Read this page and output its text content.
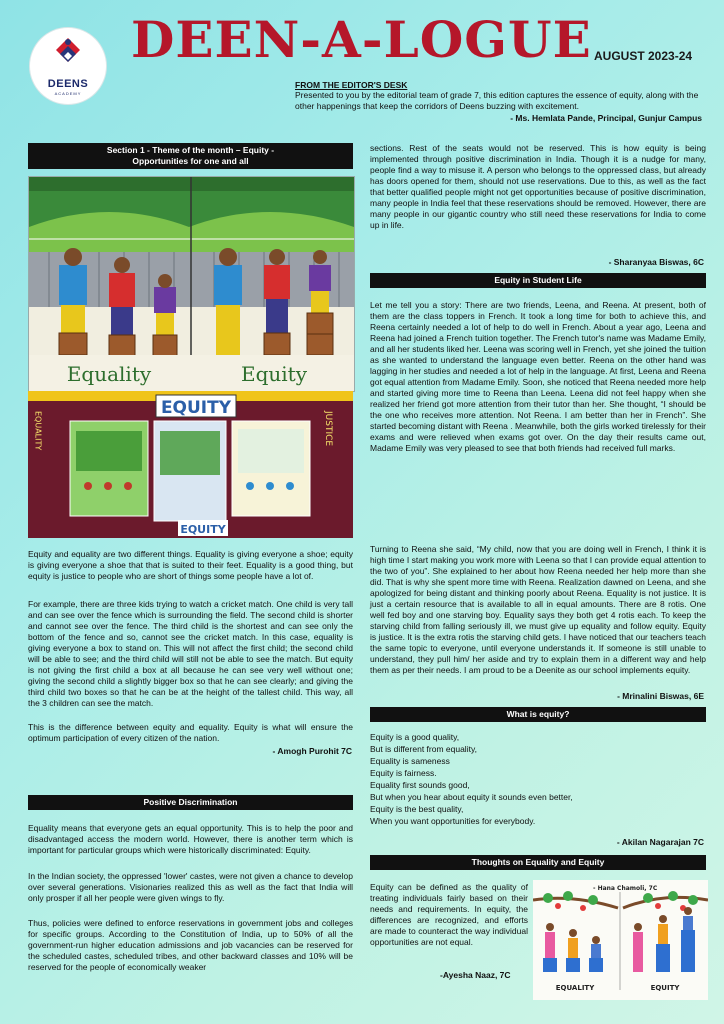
DEENS
ACADEMY
DEEN-A-LOGUE AUGUST 2023-24
FROM THE EDITOR'S DESK
Presented to you by the editorial team of grade 7, this edition captures the essence of equity, along with the other happenings that keep the corridors of Deens buzzing with excitement.
- Ms. Hemlata Pande, Principal, Gunjur Campus
Section 1 - Theme of the month – Equity -
Opportunities for one and all
Equality	Equity
EQUITY
EQUALITY	JUSTICE
EQUITY
Equity and equality are two different things. Equality is giving everyone a shoe; equity is giving everyone a shoe that that is suited to their feet. Equality is a good thing, but equity is justice to people who are short of things some people have a lot of.
For example, there are three kids trying to watch a cricket match. One child is very tall and can see over the fence which is surrounding the field. The second child is shorter and cannot see over the fence. The third child is the shortest and can see only the bottom of the fence and so, cannot see the cricket match. In this case, equality is giving everyone a box to stand on. This will not affect the first child; the second child will be able to see; and the third child will still not be able to see the match. But equity is not giving the first child a box at all because he can see very well without one; giving the second child a slightly bigger box so that he can see clearly; and giving the third child two boxes so that he can be at the height of the tallest child. This way, all the 3 children can see the match.
This is the difference between equity and equality. Equity is what will ensure the optimum participation of every citizen of the nation.
- Amogh Purohit 7C
Positive Discrimination
Equality means that everyone gets an equal opportunity. This is to help the poor and disadvantaged access the modern world. However, there is another term which is important for particular groups which were historically discriminated: Equity.
In the Indian society, the oppressed 'lower' castes, were not given a chance to develop over several generations. Visionaries realized this as well as the fact that India will only prosper if all her people were given wings to fly.
Thus, policies were defined to enforce reservations in government jobs and colleges for specific groups. According to the Constitution of India, up to 50% of all the government-run higher education admissions and job vacancies can be reserved for the scheduled castes, scheduled tribes, and other backward classes and 10% will be reserved for the people of economically weaker
sections. Rest of the seats would not be reserved. This is how equity is being implemented through positive discrimination in India. Though it is a nudge for many, people find a way to misuse it. A person who belongs to the oppressed class, but already has doors opened for them, should not use reservations. Due to this, as well as the fact that better qualified people might not get opportunities because of positive discrimination, many people in India feel that these reservations should be removed. However, there are many people in our gigantic country who still need these reservations for India to come up in life.
- Sharanyaa Biswas, 6C
Equity in Student Life
Let me tell you a story: There are two friends, Leena, and Reena. At present, both of them are the class toppers in French. It took a long time for both to achieve this, and Reena certainly needed a lot of help to do well in French. About a year ago, Leena and Reena had joined a French tuition together. The French tutor's name was Madame Emily, and all her students liked her. Leena was scoring well in French, yet she joined the tuition as she wanted to understand the language even better. Reena on the other hand was lagging in her studies and needed a lot of help in the language. At first, Leena and Reena got equal attention from Madame Emily. Soon, she noticed that Reena needed more help and started giving more time to Reena than Leena. Leena did not feel happy when she realized her friend got more attention from their tutor than her. She thought, “I should be the one who receives more attention. Not Reena. I am better than her in French”. She started becoming distant with Reena . Meanwhile, both the girls worked tirelessly for their exams and were relieved when exams got over. On the day their results came out, Madame Emily was very pleased to see that both friends had received full marks.
Turning to Reena she said, “My child, now that you are doing well in French, I think it is high time I start making you work more with Leena so that I can provide equal attention to the two of you”. She explained to her about how Reena needed her help more than she did. That is why she spent more time with Reena. Realization dawned on Leena, and she apologized for being distant and thinking poorly about Reena. Equality is not justice. It is just a certain resource that is available to all in equal amounts. There are 8 rotis. One well fed boy and one starving boy. Equality says they both get 4 rotis each. To keep the starving child from falling seriously ill, we must give up equality and follow equity. Equity is justice. It is the extra rotis the starving child gets. I have noticed that our teachers teach the same topic to everyone, until everyone understands it. If someone is still unable to understand, they pull him/ her aside and try to explain them in a different way and help them as per their needs. I am proud to be a Deenite as our school implements equity.
- Mrinalini Biswas, 6E
What is equity?
Equity is a good quality,
But is different from equality,
Equality is sameness
Equity is fairness.
Equality first sounds good,
But when you hear about equity it sounds even better,
Equity is the best quality,
When you want opportunities for everybody.
- Akilan Nagarajan 7C
Thoughts on Equality and Equity
Equity can be defined as the quality of treating individuals fairly based on their needs and requirements. In equity, the differences are recognized, and efforts are made to counteract the way individual opportunities are not equal.
-Ayesha Naaz, 7C
- Hana Chamoli, 7C
EQUALITY	EQUITY
